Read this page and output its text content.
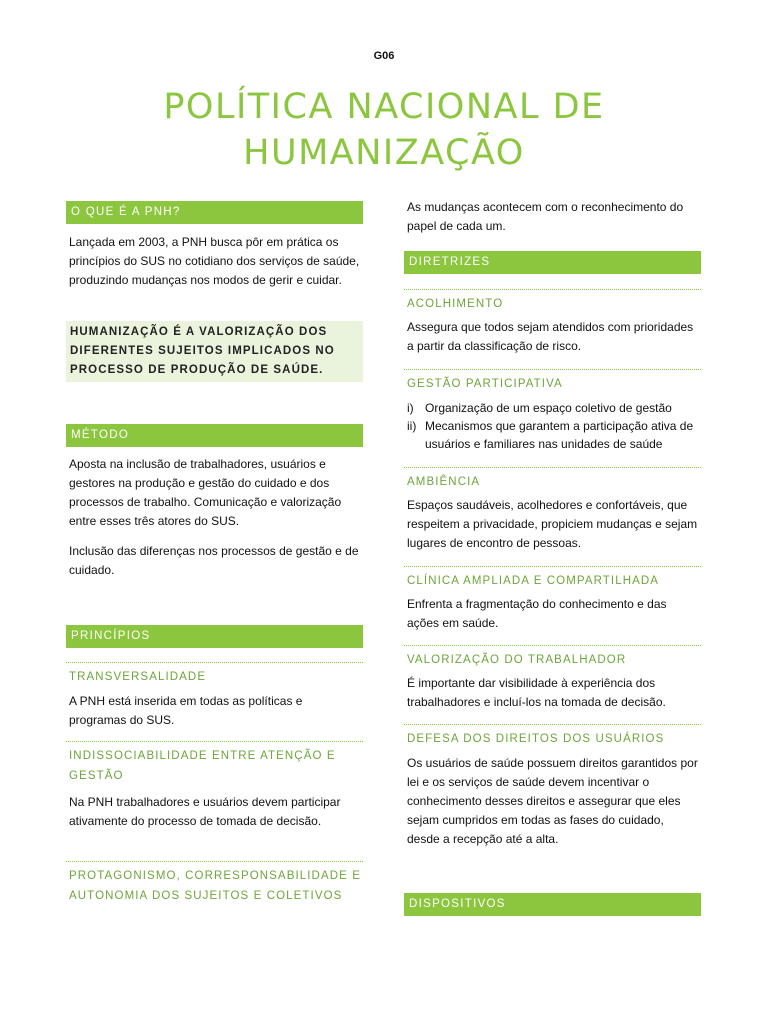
G06
POLÍTICA NACIONAL DE
HUMANIZAÇÃO
O QUE É A PNH?
Lançada em 2003, a PNH busca pôr em prática os princípios do SUS no cotidiano dos serviços de saúde, produzindo mudanças nos modos de gerir e cuidar.
HUMANIZAÇÃO É A VALORIZAÇÃO DOS DIFERENTES SUJEITOS IMPLICADOS NO PROCESSO DE PRODUÇÃO DE SAÚDE.
MÉTODO
Aposta na inclusão de trabalhadores, usuários e gestores na produção e gestão do cuidado e dos processos de trabalho. Comunicação e valorização entre esses três atores do SUS.
Inclusão das diferenças nos processos de gestão e de cuidado.
PRINCÍPIOS
TRANSVERSALIDADE
A PNH está inserida em todas as políticas e programas do SUS.
INDISSOCIABILIDADE ENTRE ATENÇÃO E GESTÃO
Na PNH trabalhadores e usuários devem participar ativamente do processo de tomada de decisão.
PROTAGONISMO, CORRESPONSABILIDADE E AUTONOMIA DOS SUJEITOS E COLETIVOS
As mudanças acontecem com o reconhecimento do papel de cada um.
DIRETRIZES
ACOLHIMENTO
Assegura que todos sejam atendidos com prioridades a partir da classificação de risco.
GESTÃO PARTICIPATIVA
i) Organização de um espaço coletivo de gestão
ii) Mecanismos que garantem a participação ativa de usuários e familiares nas unidades de saúde
AMBIÊNCIA
Espaços saudáveis, acolhedores e confortáveis, que respeitem a privacidade, propiciem mudanças e sejam lugares de encontro de pessoas.
CLÍNICA AMPLIADA E COMPARTILHADA
Enfrenta a fragmentação do conhecimento e das ações em saúde.
VALORIZAÇÃO DO TRABALHADOR
É importante dar visibilidade à experiência dos trabalhadores e incluí-los na tomada de decisão.
DEFESA DOS DIREITOS DOS USUÁRIOS
Os usuários de saúde possuem direitos garantidos por lei e os serviços de saúde devem incentivar o conhecimento desses direitos e assegurar que eles sejam cumpridos em todas as fases do cuidado, desde a recepção até a alta.
DISPOSITIVOS
